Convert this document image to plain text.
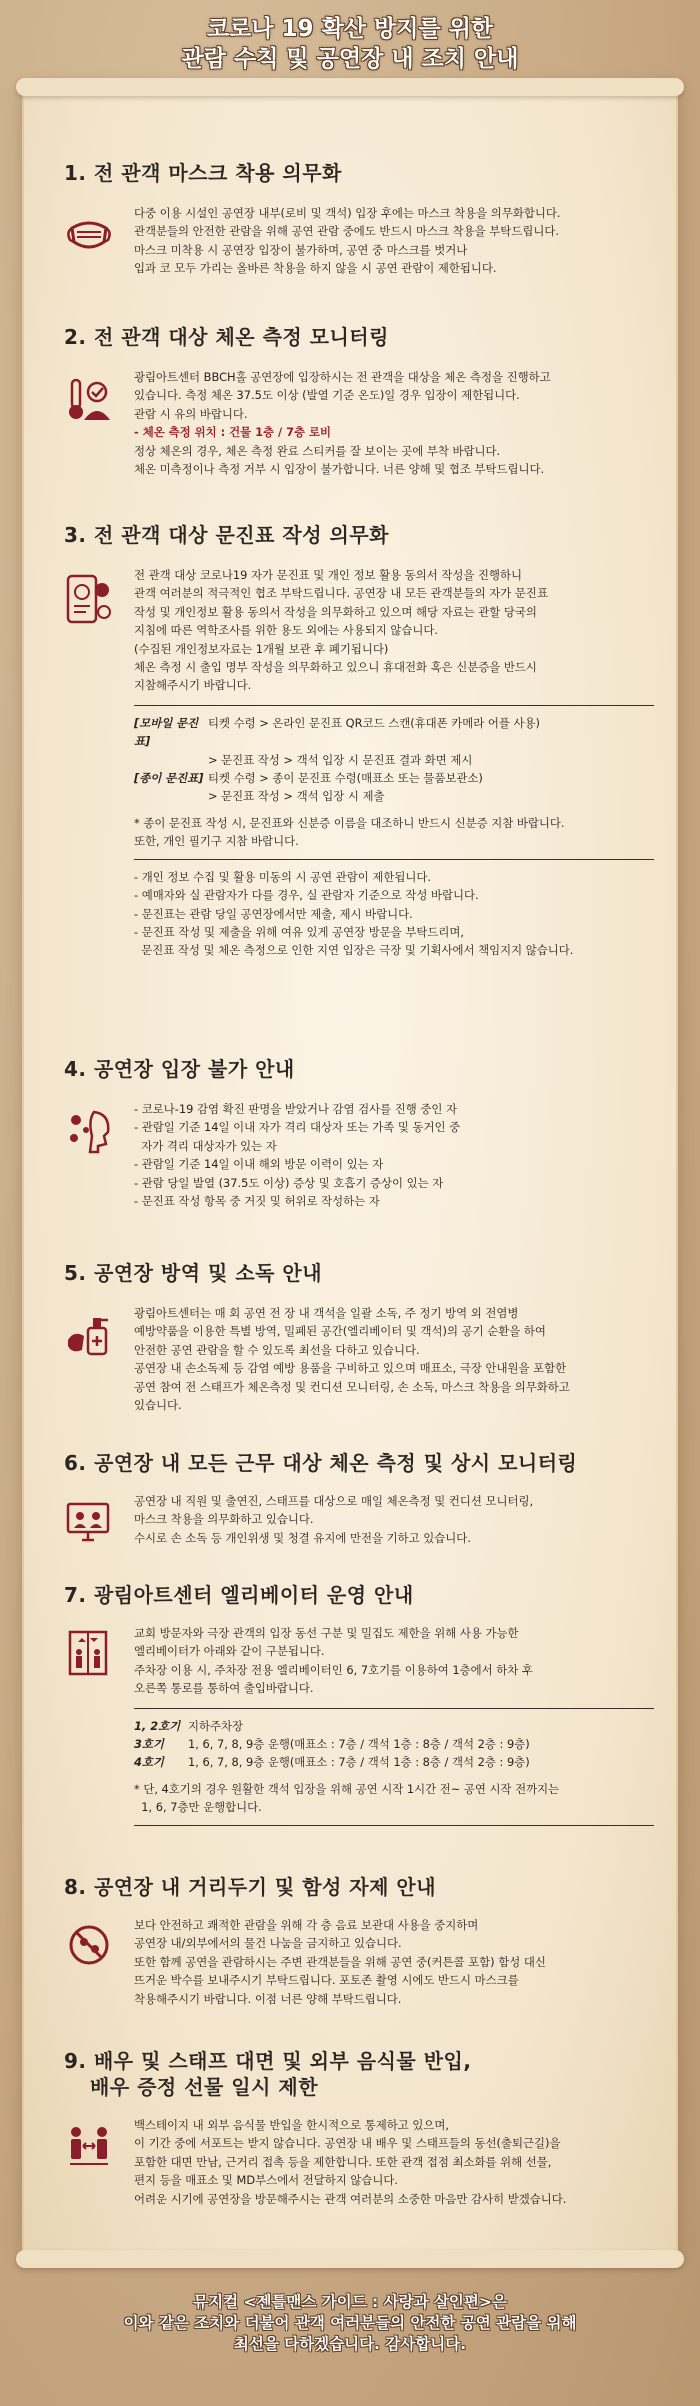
코로나 19 확산 방지를 위한
관람 수칙 및 공연장 내 조치 안내
1. 전 관객 마스크 착용 의무화

다중 이용 시설인 공연장 내부(로비 및 객석) 입장 후에는 마스크 착용을 의무화합니다.

관객분들의 안전한 관람을 위해 공연 관람 중에도 반드시 마스크 착용을 부탁드립니다.

마스크 미착용 시 공연장 입장이 불가하며, 공연 중 마스크를 벗거나

입과 코 모두 가리는 올바른 착용을 하지 않을 시 공연 관람이 제한됩니다.

2. 전 관객 대상 체온 측정 모니터링

광림아트센터 BBCH홀 공연장에 입장하시는 전 관객을 대상을 체온 측정을 진행하고

있습니다. 측정 체온 37.5도 이상 (발열 기준 온도)일 경우 입장이 제한됩니다.

관람 시 유의 바랍니다.

- 체온 측정 위치 : 건물 1층 / 7층 로비

정상 체온의 경우, 체온 측정 완료 스티커를 잘 보이는 곳에 부착 바랍니다.

체온 미측정이나 측정 거부 시 입장이 불가합니다. 너른 양해 및 협조 부탁드립니다.

3. 전 관객 대상 문진표 작성 의무화

전 관객 대상 코로나19 자가 문진표 및 개인 정보 활용 동의서 작성을 진행하니

관객 여러분의 적극적인 협조 부탁드립니다. 공연장 내 모든 관객분들의 자가 문진표

작성 및 개인정보 활용 동의서 작성을 의무화하고 있으며 해당 자료는 관할 당국의

지침에 따른 역학조사를 위한 용도 외에는 사용되지 않습니다.

(수집된 개인정보자료는 1개월 보관 후 폐기됩니다)

체온 측정 시 출입 명부 작성을 의무화하고 있으니 휴대전화 혹은 신분증을 반드시

지참해주시기 바랍니다.

[모바일 문진표]
티켓 수령 > 온라인 문진표 QR코드 스캔(휴대폰 카메라 어플 사용)
> 문진표 작성 > 객석 입장 시 문진표 결과 화면 제시
[종이 문진표] 티켓 수령 > 종이 문진표 수령(매표소 또는 물품보관소)
> 문진표 작성 > 객석 입장 시 제출

* 종이 문진표 작성 시, 문진표와 신분증 이름을 대조하니 반드시 신분증 지참 바랍니다.

또한, 개인 필기구 지참 바랍니다.

- 개인 정보 수집 및 활용 미동의 시 공연 관람이 제한됩니다.

- 예매자와 실 관람자가 다를 경우, 실 관람자 기준으로 작성 바랍니다.

- 문진표는 관람 당일 공연장에서만 제출, 제시 바랍니다.

- 문진표 작성 및 제출을 위해 여유 있게 공연장 방문을 부탁드리며,

문진표 작성 및 체온 측정으로 인한 지연 입장은 극장 및 기획사에서 책임지지 않습니다.

4. 공연장 입장 불가 안내

- 코로나-19 감염 확진 판명을 받았거나 감염 검사를 진행 중인 자

- 관람일 기준 14일 이내 자가 격리 대상자 또는 가족 및 동거인 중

자가 격리 대상자가 있는 자

- 관람일 기준 14일 이내 해외 방문 이력이 있는 자

- 관람 당일 발열 (37.5도 이상) 증상 및 호흡기 증상이 있는 자

- 문진표 작성 항목 중 거짓 및 허위로 작성하는 자

5. 공연장 방역 및 소독 안내

광림아트센터는 매 회 공연 전 장 내 객석을 일괄 소독, 주 정기 방역 외 전염병

예방약품을 이용한 특별 방역, 밀폐된 공간(엘리베이터 및 객석)의 공기 순환을 하여

안전한 공연 관람을 할 수 있도록 최선을 다하고 있습니다.

공연장 내 손소독제 등 감염 예방 용품을 구비하고 있으며 매표소, 극장 안내원을 포함한

공연 참여 전 스태프가 체온측정 및 컨디션 모니터링, 손 소독, 마스크 착용을 의무화하고

있습니다.

6. 공연장 내 모든 근무 대상 체온 측정 및 상시 모니터링

공연장 내 직원 및 출연진, 스태프를 대상으로 매일 체온측정 및 컨디션 모니터링,

마스크 착용을 의무화하고 있습니다.

수시로 손 소독 등 개인위생 및 청결 유지에 만전을 기하고 있습니다.

7. 광림아트센터 엘리베이터 운영 안내

교회 방문자와 극장 관객의 입장 동선 구분 및 밀집도 제한을 위해 사용 가능한

엘리베이터가 아래와 같이 구분됩니다.

주차장 이용 시, 주차장 전용 엘리베이터인 6, 7호기를 이용하여 1층에서 하차 후

오른쪽 통로를 통하여 출입바랍니다.

1, 2호기 지하주차장
3호기	1, 6, 7, 8, 9층 운행(매표소 : 7층 / 객석 1층 : 8층 / 객석 2층 : 9층)
4호기	1, 6, 7, 8, 9층 운행(매표소 : 7층 / 객석 1층 : 8층 / 객석 2층 : 9층)

* 단, 4호기의 경우 원활한 객석 입장을 위해 공연 시작 1시간 전~ 공연 시작 전까지는

1, 6, 7층만 운행합니다.

8. 공연장 내 거리두기 및 함성 자제 안내

보다 안전하고 쾌적한 관람을 위해 각 층 음료 보관대 사용을 중지하며

공연장 내/외부에서의 물건 나눔을 금지하고 있습니다.

또한 함께 공연을 관람하시는 주변 관객분들을 위해 공연 중(커튼콜 포함) 함성 대신

뜨거운 박수를 보내주시기 부탁드립니다. 포토존 촬영 시에도 반드시 마스크를

착용해주시기 바랍니다. 이점 너른 양해 부탁드립니다.

9. 배우 및 스태프 대면 및 외부 음식물 반입,
배우 증정 선물 일시 제한

백스테이지 내 외부 음식물 반입을 한시적으로 통제하고 있으며,

이 기간 중에 서포트는 받지 않습니다. 공연장 내 배우 및 스태프들의 동선(출퇴근길)을

포함한 대면 만남, 근거리 접촉 등을 제한합니다. 또한 관객 접점 최소화를 위해 선물,

편지 등을 매표소 및 MD부스에서 전달하지 않습니다.

어려운 시기에 공연장을 방문해주시는 관객 여러분의 소중한 마음만 감사히 받겠습니다.

뮤지컬 <젠틀맨스 가이드 : 사랑과 살인편>은
이와 같은 조치와 더불어 관객 여러분들의 안전한 공연 관람을 위해
최선을 다하겠습니다. 감사합니다.
